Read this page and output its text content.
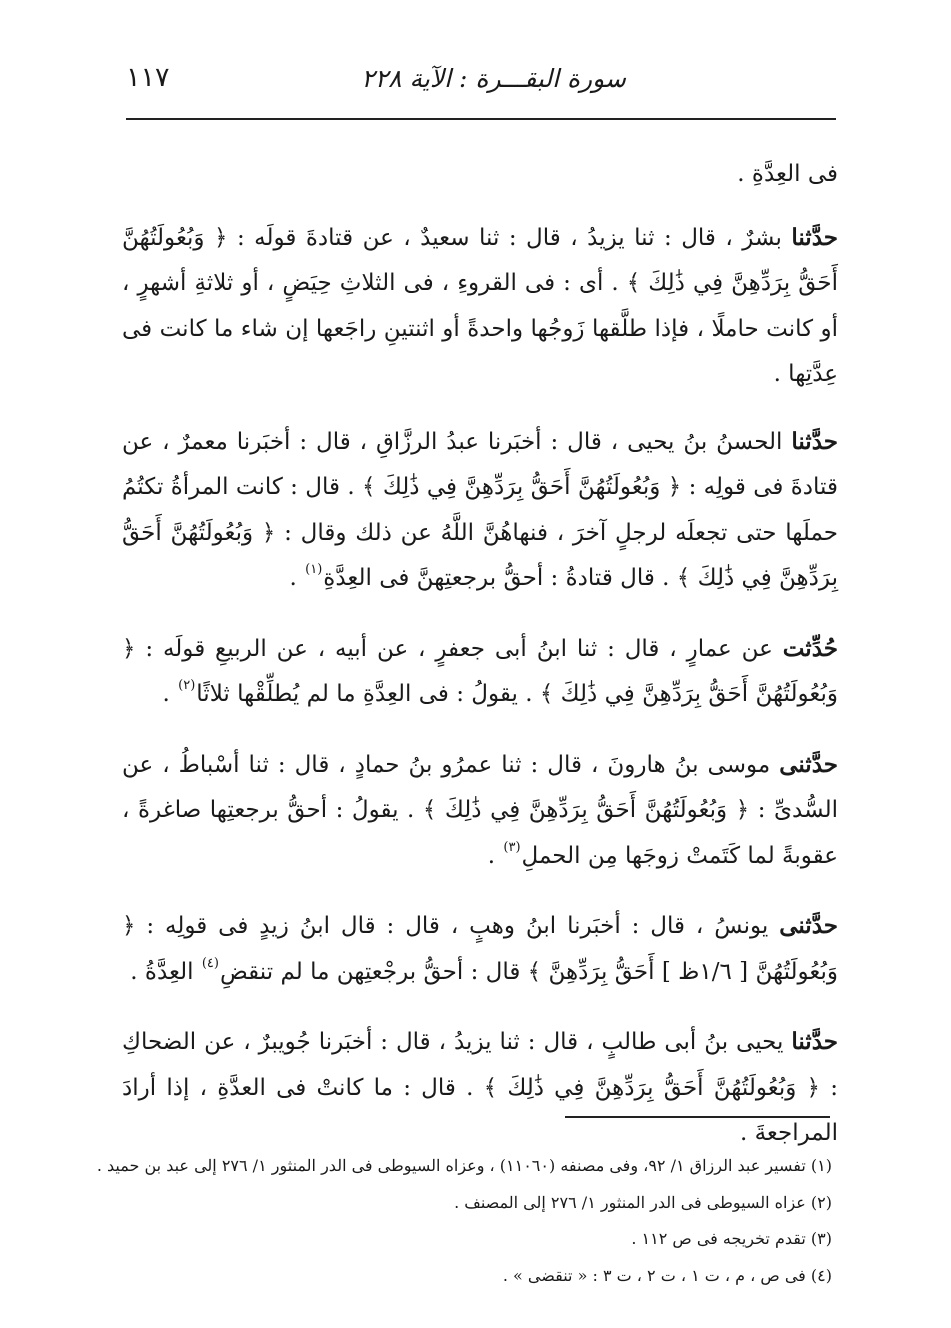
سورة البقـــرة : الآية ٢٢٨
١١٧

فى العِدَّةِ .

حدَّثنا بشرٌ ، قال : ثنا يزيدُ ، قال : ثنا سعيدٌ ، عن قتادةَ قولَه : ﴿ وَبُعُولَتُهُنَّ أَحَقُّ بِرَدِّهِنَّ فِي ذَٰلِكَ ﴾ . أى : فى القروءِ ، فى الثلاثِ حِيَضٍ ، أو ثلاثةِ أشهرٍ ، أو كانت حاملًا ، فإذا طلَّقها زَوجُها واحدةً أو اثنتينِ راجَعها إن شاء ما كانت فى عِدَّتِها .

حدَّثنا الحسنُ بنُ يحيى ، قال : أخبَرنا عبدُ الرزَّاقِ ، قال : أخبَرنا معمرٌ ، عن قتادةَ فى قولِه : ﴿ وَبُعُولَتُهُنَّ أَحَقُّ بِرَدِّهِنَّ فِي ذَٰلِكَ ﴾ . قال : كانت المرأةُ تكتُمُ حملَها حتى تجعلَه لرجلٍ آخرَ ، فنهاهُنَّ اللَّهُ عن ذلك وقال : ﴿ وَبُعُولَتُهُنَّ أَحَقُّ بِرَدِّهِنَّ فِي ذَٰلِكَ ﴾ . قال قتادةُ : أحقُّ برجعتِهنَّ فى العِدَّةِ$^{(١)}$ .

حُدِّثت عن عمارٍ ، قال : ثنا ابنُ أبى جعفرٍ ، عن أبيه ، عن الربيعِ قولَه : ﴿ وَبُعُولَتُهُنَّ أَحَقُّ بِرَدِّهِنَّ فِي ذَٰلِكَ ﴾ . يقولُ : فى العِدَّةِ ما لم يُطلِّقْها ثلاثًا$^{(٢)}$ .

حدَّثنى موسى بنُ هارونَ ، قال : ثنا عمرُو بنُ حمادٍ ، قال : ثنا أسْباطُ ، عن السُّدىِّ : ﴿ وَبُعُولَتُهُنَّ أَحَقُّ بِرَدِّهِنَّ فِي ذَٰلِكَ ﴾ . يقولُ : أحقُّ برجعتِها صاغرةً ، عقوبةً لما كَتَمتْ زوجَها مِن الحملِ$^{(٣)}$ .

حدَّثنى يونسُ ، قال : أخبَرنا ابنُ وهبٍ ، قال : قال ابنُ زيدٍ فى قولِه : ﴿ وَبُعُولَتُهُنَّ [ ١/٦ظ ] أَحَقُّ بِرَدِّهِنَّ ﴾ قال : أحقُّ برجْعتِهن ما لم تنقضِ$^{(٤)}$ العِدَّةُ .

حدَّثنا يحيى بنُ أبى طالبٍ ، قال : ثنا يزيدُ ، قال : أخبَرنا جُويبرٌ ، عن الضحاكِ : ﴿ وَبُعُولَتُهُنَّ أَحَقُّ بِرَدِّهِنَّ فِي ذَٰلِكَ ﴾ . قال : ما كانتْ فى العدَّةِ ، إذا أرادَ المراجعةَ .

(١) تفسير عبد الرزاق ١/ ٩٢، وفى مصنفه (١١٠٦٠) ، وعزاه السيوطى فى الدر المنثور ١/ ٢٧٦ إلى عبد بن حميد .

(٢) عزاه السيوطى فى الدر المنثور ١/ ٢٧٦ إلى المصنف .

(٣) تقدم تخريجه فى ص ١١٢ .

(٤) فى ص ، م ، ت ١ ، ت ٢ ، ت ٣ : « تنقضى » .
